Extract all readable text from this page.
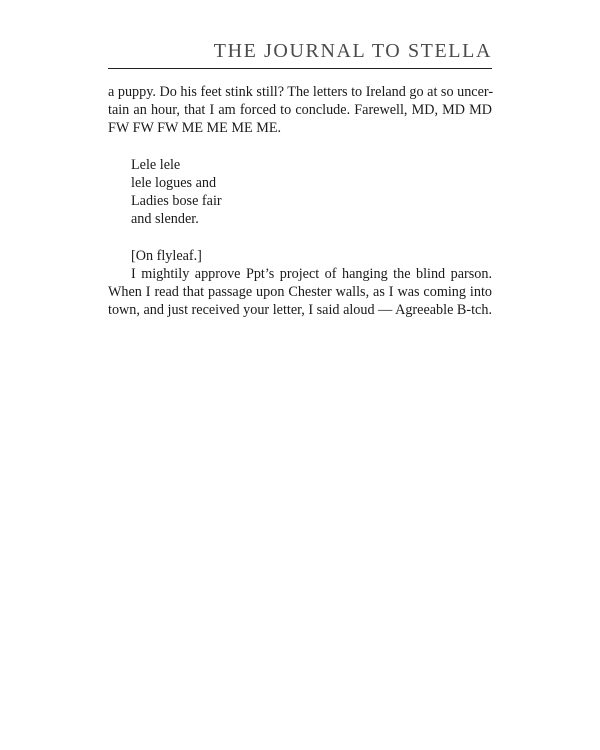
THE JOURNAL TO STELLA
a puppy. Do his feet stink still? The letters to Ireland go at so uncer-
tain an hour, that I am forced to conclude. Farewell, MD, MD MD
FW FW FW ME ME ME ME.
Lele lele
lele logues and
Ladies bose fair
and slender.
[On flyleaf.]
I mightily approve Ppt’s project of hanging the blind parson.
When I read that passage upon Chester walls, as I was coming into
town, and just received your letter, I said aloud — Agreeable B-tch.
